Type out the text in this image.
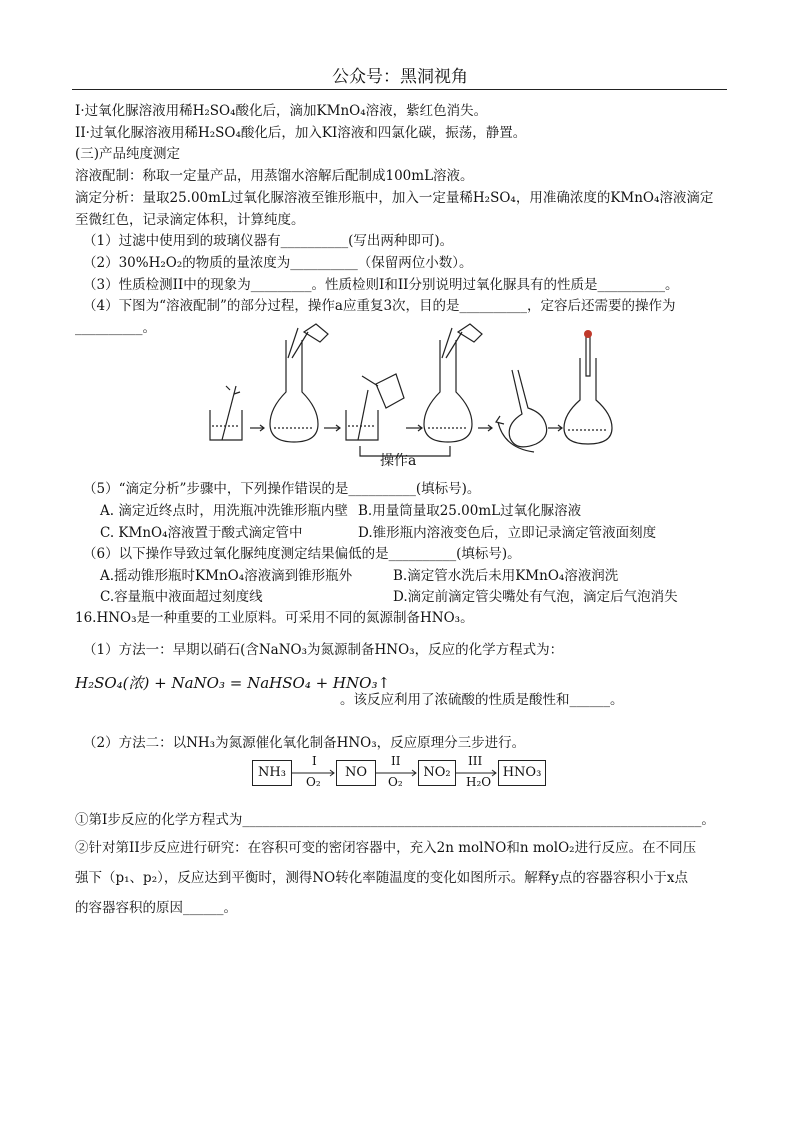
公众号：黑洞视角
I·过氧化脲溶液用稀H₂SO₄酸化后，滴加KMnO₄溶液，紫红色消失。
II·过氧化脲溶液用稀H₂SO₄酸化后，加入KI溶液和四氯化碳，振荡，静置。
(三)产品纯度测定
溶液配制：称取一定量产品，用蒸馏水溶解后配制成100mL溶液。
滴定分析：量取25.00mL过氧化脲溶液至锥形瓶中，加入一定量稀H₂SO₄，用准确浓度的KMnO₄溶液滴定
至微红色，记录滴定体积，计算纯度。
（1）过滤中使用到的玻璃仪器有__________(写出两种即可)。
（2）30%H₂O₂的物质的量浓度为__________（保留两位小数）。
（3）性质检测II中的现象为_________。性质检则I和II分别说明过氧化脲具有的性质是__________。
（4）下图为“溶液配制”的部分过程，操作a应重复3次，目的是__________，定容后还需要的操作为
__________。
操作a
（5）“滴定分析”步骤中，下列操作错误的是__________(填标号)。
A. 滴定近终点时，用洗瓶冲洗锥形瓶内壁 B.用量筒量取25.00mL过氧化脲溶液
C. KMnO₄溶液置于酸式滴定管中	D.锥形瓶内溶液变色后，立即记录滴定管液面刻度
（6）以下操作导致过氧化脲纯度测定结果偏低的是__________(填标号)。
A.摇动锥形瓶时KMnO₄溶液滴到锥形瓶外	B.滴定管水洗后未用KMnO₄溶液润洗
C.容量瓶中液面超过刻度线	D.滴定前滴定管尖嘴处有气泡，滴定后气泡消失
16.HNO₃是一种重要的工业原料。可采用不同的氮源制备HNO₃。
（1）方法一：早期以硝石(含NaNO₃为氮源制备HNO₃，反应的化学方程式为：
H₂SO₄(浓) + NaNO₃ = NaHSO₄ + HNO₃↑
。该反应利用了浓硫酸的性质是酸性和______。
（2）方法二：以NH₃为氮源催化氧化制备HNO₃，反应原理分三步进行。
NH₃
I
O₂
NO
II
O₂
NO₂
III
H₂O
HNO₃
①第I步反应的化学方程式为____________________________________________________________________。
②针对第II步反应进行研究：在容积可变的密闭容器中，充入2n molNO和n molO₂进行反应。在不同压
强下（p₁、p₂），反应达到平衡时，测得NO转化率随温度的变化如图所示。解释y点的容器容积小于x点
的容器容积的原因______。
